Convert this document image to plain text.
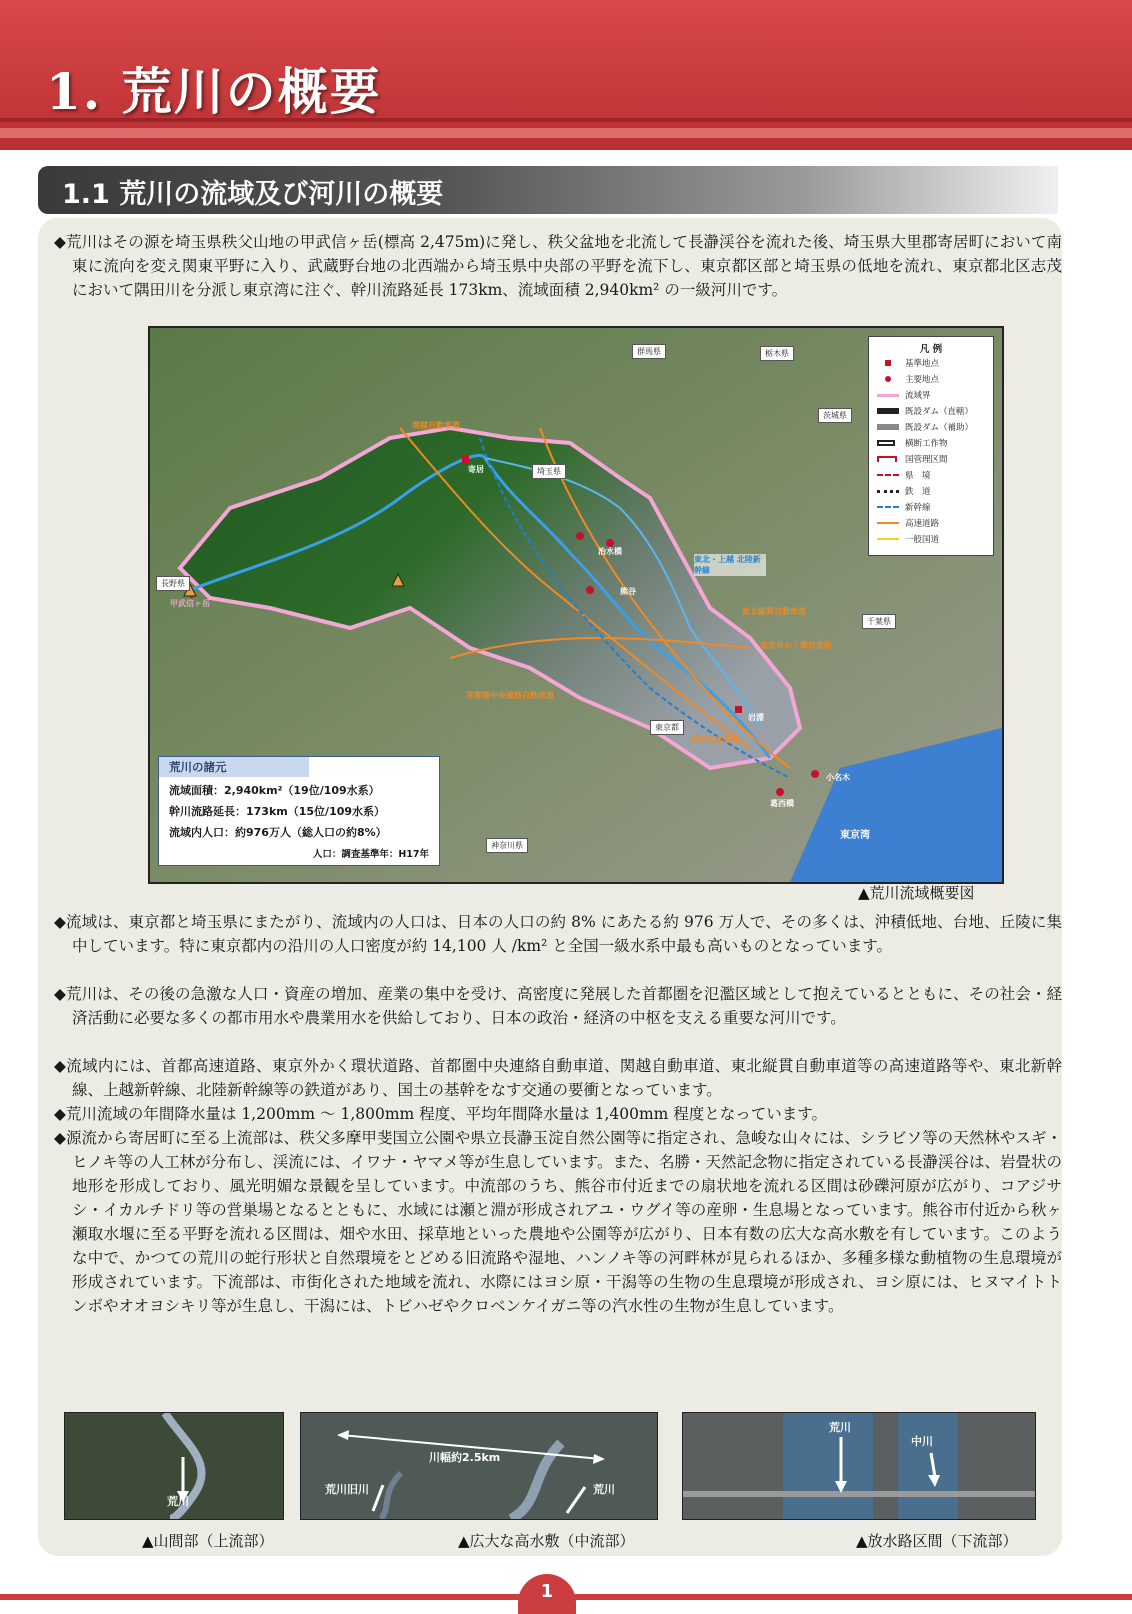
1. 荒川の概要
1.1 荒川の流域及び河川の概要
◆荒川はその源を埼玉県秩父山地の甲武信ヶ岳(標高 2,475m)に発し、秩父盆地を北流して長瀞渓谷を流れた後、埼玉県大里郡寄居町において南東に流向を変え関東平野に入り、武蔵野台地の北西端から埼玉県中央部の平野を流下し、東京都区部と埼玉県の低地を流れ、東京都北区志茂において隅田川を分派し東京湾に注ぐ、幹川流路延長 173km、流域面積 2,940km² の一級河川です。
群馬県	栃木県
茨城県
埼玉県
長野県
千葉県
東京都
神奈川県
東京湾
関越自動車道
東北・上越 北陸新幹線
東北縦貫自動車道
東京外かく環状道路
首都圏中央連絡自動車道
首都高速道路
甲武信ヶ岳
寄居
熊谷
岩淵
治水橋
小名木
葛西橋
凡 例
基準地点
主要地点
流域界
既設ダム（直轄）
既設ダム（補助）
横断工作物
国管理区間
県　境
鉄　道
新幹線
高速道路
一般国道
荒川の諸元
流域面積：2,940km²（19位/109水系）
幹川流路延長：173km（15位/109水系）
流域内人口：約976万人（総人口の約8%）
人口：調査基準年：H17年
▲荒川流域概要図
◆流域は、東京都と埼玉県にまたがり、流域内の人口は、日本の人口の約 8% にあたる約 976 万人で、その多くは、沖積低地、台地、丘陵に集中しています。特に東京都内の沿川の人口密度が約 14,100 人 /km² と全国一級水系中最も高いものとなっています。
◆荒川は、その後の急激な人口・資産の増加、産業の集中を受け、高密度に発展した首都圏を氾濫区域として抱えているとともに、その社会・経済活動に必要な多くの都市用水や農業用水を供給しており、日本の政治・経済の中枢を支える重要な河川です。
◆流域内には、首都高速道路、東京外かく環状道路、首都圏中央連絡自動車道、関越自動車道、東北縦貫自動車道等の高速道路等や、東北新幹線、上越新幹線、北陸新幹線等の鉄道があり、国土の基幹をなす交通の要衝となっています。
◆荒川流域の年間降水量は 1,200mm ～ 1,800mm 程度、平均年間降水量は 1,400mm 程度となっています。
◆源流から寄居町に至る上流部は、秩父多摩甲斐国立公園や県立長瀞玉淀自然公園等に指定され、急峻な山々には、シラビソ等の天然林やスギ・ヒノキ等の人工林が分布し、渓流には、イワナ・ヤマメ等が生息しています。また、名勝・天然記念物に指定されている長瀞渓谷は、岩畳状の地形を形成しており、風光明媚な景観を呈しています。中流部のうち、熊谷市付近までの扇状地を流れる区間は砂礫河原が広がり、コアジサシ・イカルチドリ等の営巣場となるとともに、水域には瀬と淵が形成されアユ・ウグイ等の産卵・生息場となっています。熊谷市付近から秋ヶ瀬取水堰に至る平野を流れる区間は、畑や水田、採草地といった農地や公園等が広がり、日本有数の広大な高水敷を有しています。このような中で、かつての荒川の蛇行形状と自然環境をとどめる旧流路や湿地、ハンノキ等の河畔林が見られるほか、多種多様な動植物の生息環境が形成されています。下流部は、市街化された地域を流れ、水際にはヨシ原・干潟等の生物の生息環境が形成され、ヨシ原には、ヒヌマイトトンボやオオヨシキリ等が生息し、干潟には、トビハゼやクロベンケイガニ等の汽水性の生物が生息しています。
荒川
▲山間部（上流部）
川幅約2.5km
荒川旧川	荒川
▲広大な高水敷（中流部）
荒川
中川
▲放水路区間（下流部）
1
